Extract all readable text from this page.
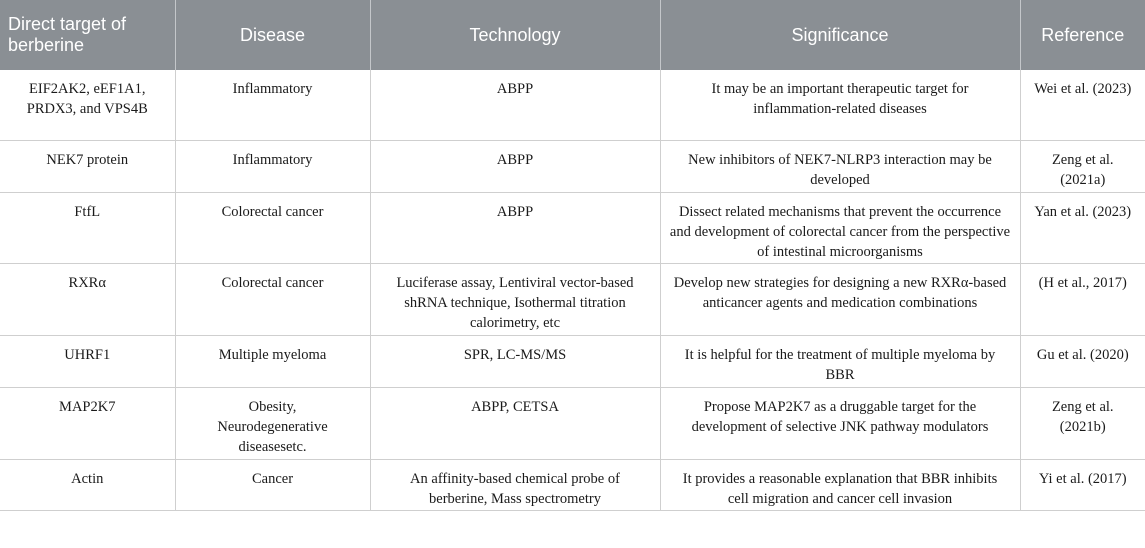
Direct target of berberine	Disease	Technology	Significance	Reference
EIF2AK2, eEF1A1, PRDX3, and VPS4B	Inflammatory	ABPP	It may be an important therapeutic target for inflammation-related diseases	Wei et al. (2023)
NEK7 protein	Inflammatory	ABPP	New inhibitors of NEK7-NLRP3 interaction may be developed	Zeng et al. (2021a)
FtfL	Colorectal cancer	ABPP	Dissect related mechanisms that prevent the occurrence and development of colorectal cancer from the perspective of intestinal microorganisms	Yan et al. (2023)
RXRα	Colorectal cancer	Luciferase assay, Lentiviral vector-based shRNA technique, Isothermal titration calorimetry, etc	Develop new strategies for designing a new RXRα-based anticancer agents and medication combinations	(H et al., 2017)
UHRF1	Multiple myeloma	SPR, LC-MS/MS	It is helpful for the treatment of multiple myeloma by BBR	Gu et al. (2020)
MAP2K7	Obesity, Neurodegenerative diseasesetc.	ABPP, CETSA	Propose MAP2K7 as a druggable target for the development of selective JNK pathway modulators	Zeng et al. (2021b)
Actin	Cancer	An affinity-based chemical probe of berberine, Mass spectrometry	It provides a reasonable explanation that BBR inhibits cell migration and cancer cell invasion	Yi et al. (2017)
